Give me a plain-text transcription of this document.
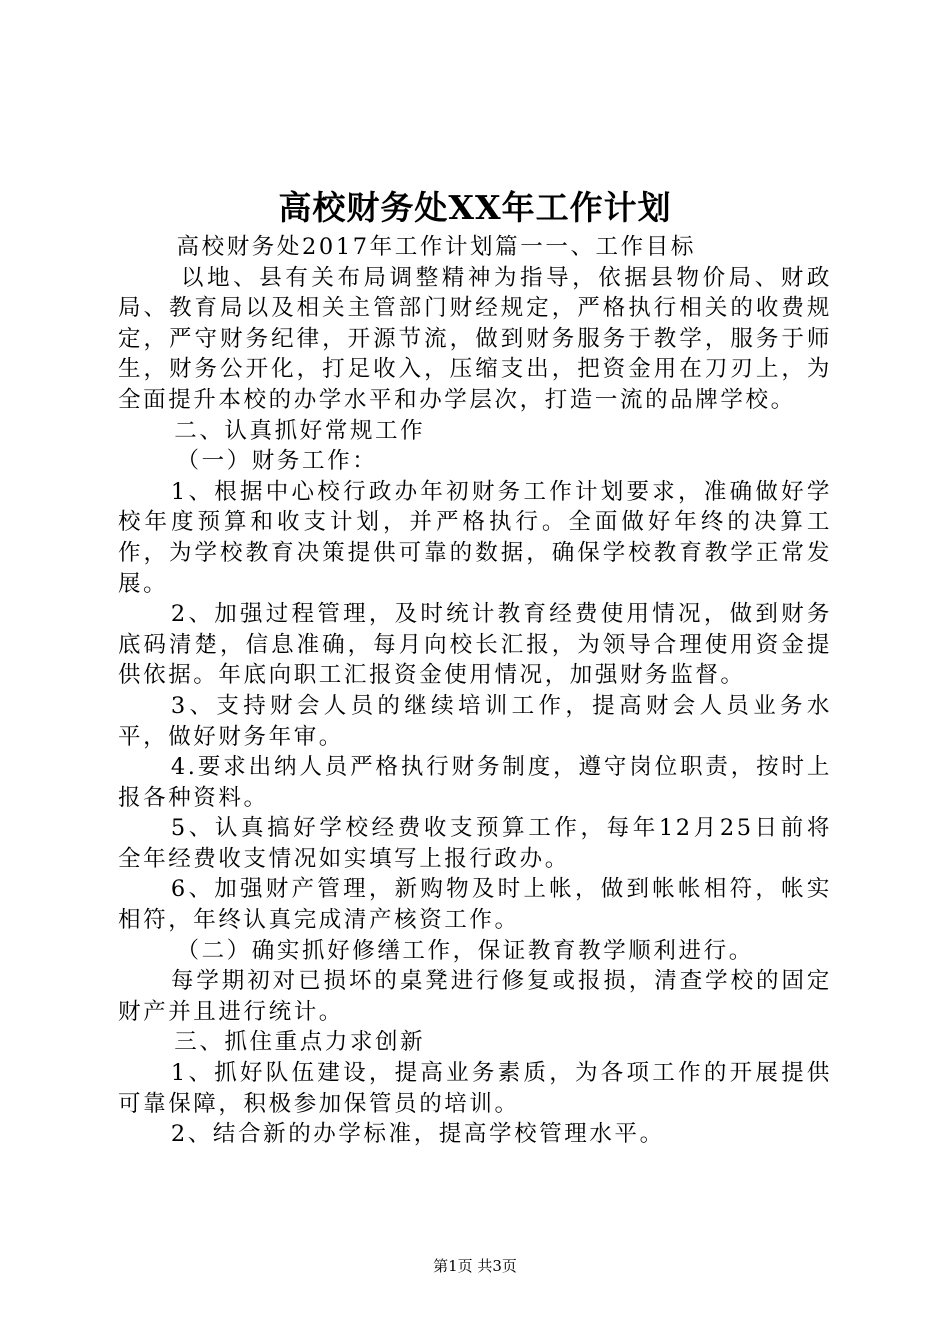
高校财务处XX年工作计划

高校财务处2017年工作计划篇一一、工作目标

以地、县有关布局调整精神为指导，依据县物价局、财政局、教育局以及相关主管部门财经规定，严格执行相关的收费规定，严守财务纪律，开源节流，做到财务服务于教学，服务于师生，财务公开化，打足收入，压缩支出，把资金用在刀刃上，为全面提升本校的办学水平和办学层次，打造一流的品牌学校。

二、认真抓好常规工作

（一）财务工作：

1、根据中心校行政办年初财务工作计划要求，准确做好学校年度预算和收支计划，并严格执行。全面做好年终的决算工作，为学校教育决策提供可靠的数据，确保学校教育教学正常发展。

2、加强过程管理，及时统计教育经费使用情况，做到财务底码清楚，信息准确，每月向校长汇报，为领导合理使用资金提供依据。年底向职工汇报资金使用情况，加强财务监督。

3、支持财会人员的继续培训工作，提高财会人员业务水平，做好财务年审。

4.要求出纳人员严格执行财务制度，遵守岗位职责，按时上报各种资料。

5、认真搞好学校经费收支预算工作，每年12月25日前将全年经费收支情况如实填写上报行政办。

6、加强财产管理，新购物及时上帐，做到帐帐相符，帐实相符，年终认真完成清产核资工作。

（二）确实抓好修缮工作，保证教育教学顺利进行。

每学期初对已损坏的桌凳进行修复或报损，清查学校的固定财产并且进行统计。

三、抓住重点力求创新

1、抓好队伍建设，提高业务素质，为各项工作的开展提供可靠保障，积极参加保管员的培训。

2、结合新的办学标准，提高学校管理水平。

第1页 共3页
